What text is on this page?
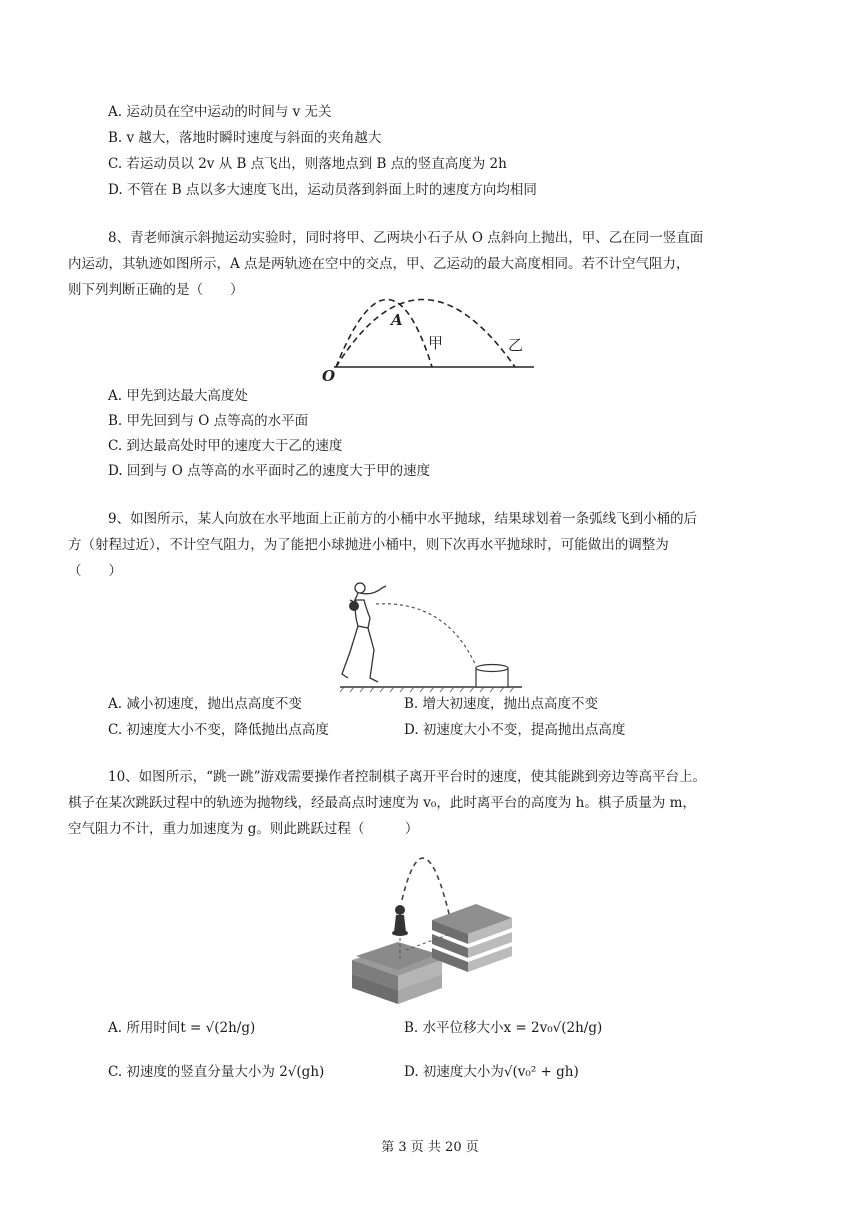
A. 运动员在空中运动的时间与 v 无关
B. v 越大，落地时瞬时速度与斜面的夹角越大
C. 若运动员以 2v 从 B 点飞出，则落地点到 B 点的竖直高度为 2h
D. 不管在 B 点以多大速度飞出，运动员落到斜面上时的速度方向均相同
8、青老师演示斜抛运动实验时，同时将甲、乙两块小石子从 O 点斜向上抛出，甲、乙在同一竖直面
内运动，其轨迹如图所示，A 点是两轨迹在空中的交点，甲、乙运动的最大高度相同。若不计空气阻力，
则下列判断正确的是（　　）
O
A
甲	乙
A. 甲先到达最大高度处
B. 甲先回到与 O 点等高的水平面
C. 到达最高处时甲的速度大于乙的速度
D. 回到与 O 点等高的水平面时乙的速度大于甲的速度
9、如图所示，某人向放在水平地面上正前方的小桶中水平抛球，结果球划着一条弧线飞到小桶的后
方（射程过近），不计空气阻力，为了能把小球抛进小桶中，则下次再水平抛球时，可能做出的调整为
（　　）
A. 减小初速度，抛出点高度不变	B. 增大初速度，抛出点高度不变
C. 初速度大小不变，降低抛出点高度	D. 初速度大小不变，提高抛出点高度
10、如图所示，“跳一跳”游戏需要操作者控制棋子离开平台时的速度，使其能跳到旁边等高平台上。
棋子在某次跳跃过程中的轨迹为抛物线，经最高点时速度为 v₀，此时离平台的高度为 h。棋子质量为 m，
空气阻力不计，重力加速度为 g。则此跳跃过程（　　　）
A. 所用时间t = √(2h/g)	B. 水平位移大小x = 2v₀√(2h/g)
C. 初速度的竖直分量大小为 2√(gh)	D. 初速度大小为√(v₀² + gh)
第 3 页 共 20 页
